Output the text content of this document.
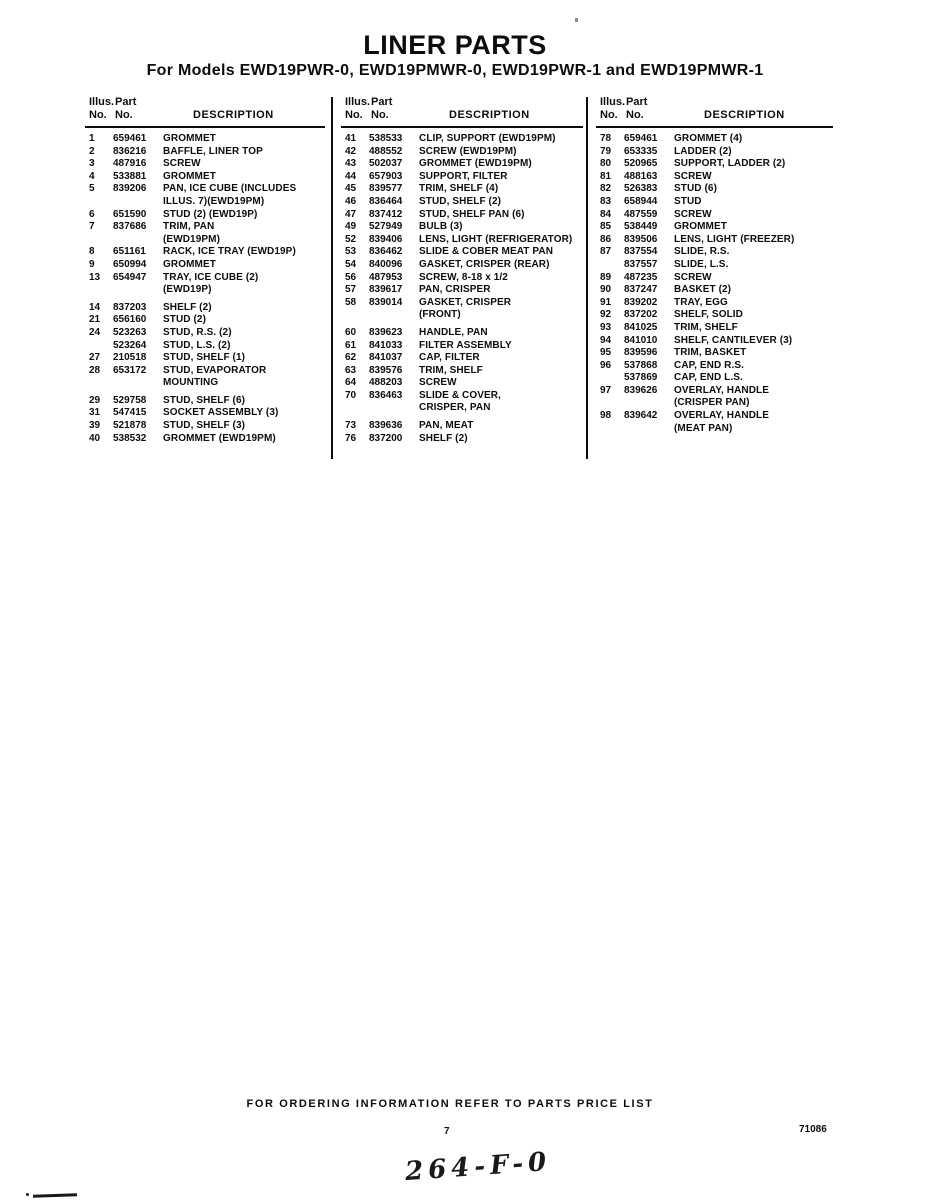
LINER PARTS
For Models EWD19PWR-0, EWD19PMWR-0, EWD19PWR-1 and EWD19PMWR-1
Illus. Part
No. No.	DESCRIPTION
1	659461	GROMMET
2	836216	BAFFLE, LINER TOP
3	487916	SCREW
4	533881	GROMMET
5	839206	PAN, ICE CUBE (INCLUDES
ILLUS. 7)(EWD19PM)
6	651590	STUD (2) (EWD19P)
7	837686	TRIM, PAN
(EWD19PM)
8	651161	RACK, ICE TRAY (EWD19P)
9	650994	GROMMET
13	654947	TRAY, ICE CUBE (2)
(EWD19P)
14	837203	SHELF (2)
21	656160	STUD (2)
24	523263	STUD, R.S. (2)
523264	STUD, L.S. (2)
27	210518	STUD, SHELF (1)
28	653172	STUD, EVAPORATOR
MOUNTING
29	529758	STUD, SHELF (6)
31	547415	SOCKET ASSEMBLY (3)
39	521878	STUD, SHELF (3)
40	538532	GROMMET (EWD19PM)
Illus. Part
No. No.	DESCRIPTION
41	538533	CLIP, SUPPORT (EWD19PM)
42	488552	SCREW (EWD19PM)
43	502037	GROMMET (EWD19PM)
44	657903	SUPPORT, FILTER
45	839577	TRIM, SHELF (4)
46	836464	STUD, SHELF (2)
47	837412	STUD, SHELF PAN (6)
49	527949	BULB (3)
52	839406	LENS, LIGHT (REFRIGERATOR)
53	836462	SLIDE & COBER MEAT PAN
54	840096	GASKET, CRISPER (REAR)
56	487953	SCREW, 8-18 x 1/2
57	839617	PAN, CRISPER
58	839014	GASKET, CRISPER
(FRONT)
60	839623	HANDLE, PAN
61	841033	FILTER ASSEMBLY
62	841037	CAP, FILTER
63	839576	TRIM, SHELF
64	488203	SCREW
70	836463	SLIDE & COVER,
CRISPER, PAN
73	839636	PAN, MEAT
76	837200	SHELF (2)
Illus. Part
No. No.	DESCRIPTION
78	659461	GROMMET (4)
79	653335	LADDER (2)
80	520965	SUPPORT, LADDER (2)
81	488163	SCREW
82	526383	STUD (6)
83	658944	STUD
84	487559	SCREW
85	538449	GROMMET
86	839506	LENS, LIGHT (FREEZER)
87	837554	SLIDE, R.S.
837557	SLIDE, L.S.
89	487235	SCREW
90	837247	BASKET (2)
91	839202	TRAY, EGG
92	837202	SHELF, SOLID
93	841025	TRIM, SHELF
94	841010	SHELF, CANTILEVER (3)
95	839596	TRIM, BASKET
96	537868	CAP, END R.S.
537869	CAP, END L.S.
97	839626	OVERLAY, HANDLE
(CRISPER PAN)
98	839642	OVERLAY, HANDLE
(MEAT PAN)
FOR ORDERING INFORMATION REFER TO PARTS PRICE LIST
7	71086
264-F-0
